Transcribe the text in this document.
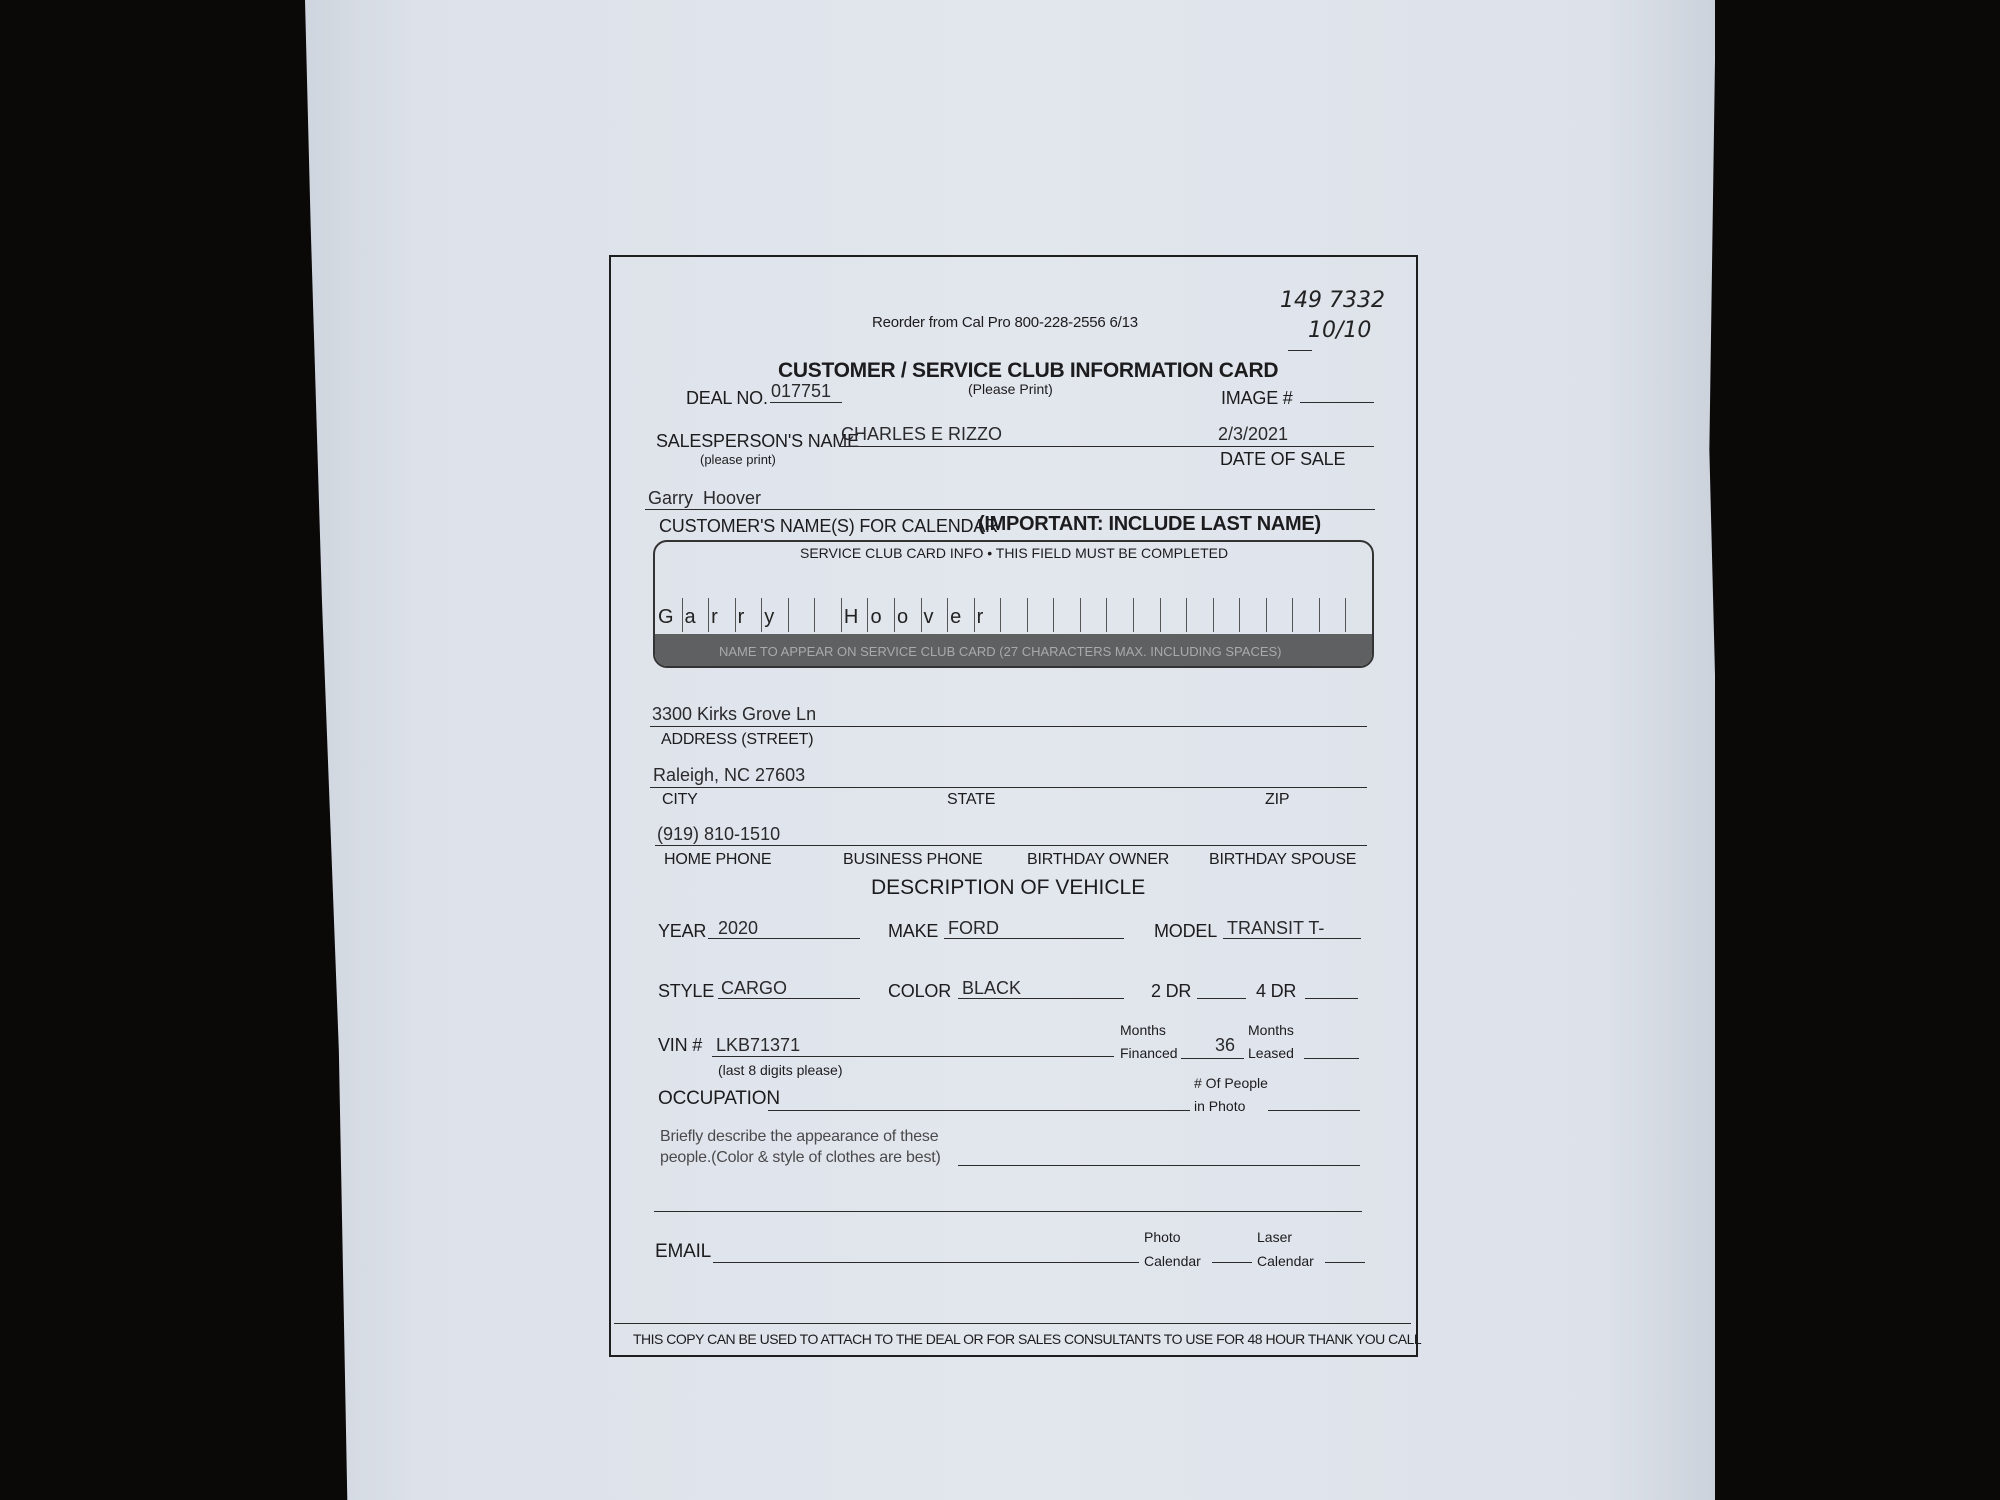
Reorder from Cal Pro 800-228-2556 6/13
149 7332
10/10
CUSTOMER / SERVICE CLUB INFORMATION CARD
(Please Print)
DEAL NO. 017751	IMAGE #
SALESPERSON'S NAME
(please print)
CHARLES E RIZZO	2/3/2021
DATE OF SALE
Garry  Hoover
CUSTOMER'S NAME(S) FOR CALENDAR
(IMPORTANT: INCLUDE LAST NAME)
SERVICE CLUB CARD INFO • THIS FIELD MUST BE COMPLETED
NAME TO APPEAR ON SERVICE CLUB CARD (27 CHARACTERS MAX. INCLUDING SPACES)
G a r r y	H o o v e r
3300 Kirks Grove Ln
ADDRESS (STREET)
Raleigh, NC 27603
CITY	STATE	ZIP
(919) 810-1510
HOME PHONE	BUSINESS PHONE	BIRTHDAY OWNER BIRTHDAY SPOUSE
DESCRIPTION OF VEHICLE
YEAR 2020	MAKE FORD	MODEL TRANSIT T-
STYLE CARGO	COLOR BLACK	2 DR	4 DR
VIN # LKB71371
(last 8 digits please)
Months
Financed 36
Months
Leased
OCCUPATION
# Of People
in Photo
Briefly describe the appearance of these
people.(Color & style of clothes are best)
EMAIL
Photo
Calendar
Laser
Calendar
THIS COPY CAN BE USED TO ATTACH TO THE DEAL OR FOR SALES CONSULTANTS TO USE FOR 48 HOUR THANK YOU CALL
